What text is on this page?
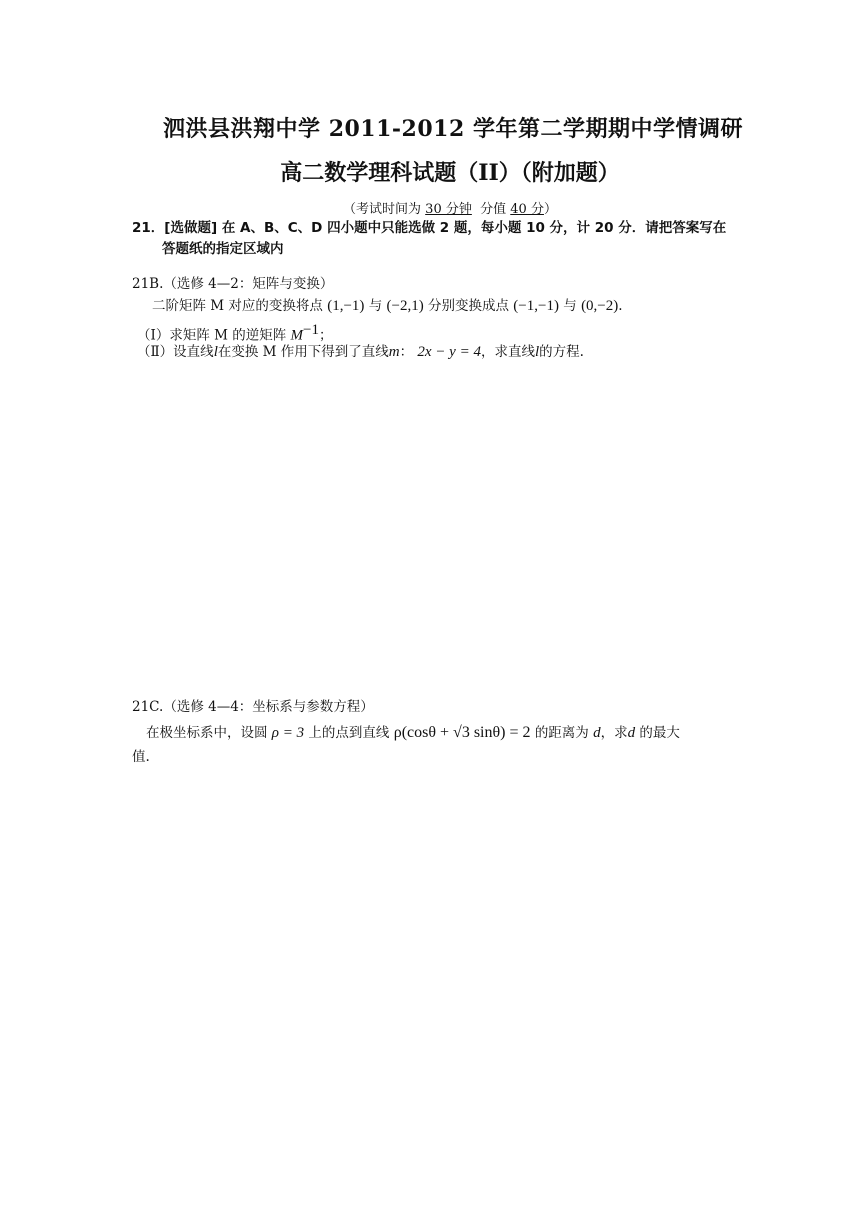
泗洪县洪翔中学 2011-2012 学年第二学期期中学情调研
高二数学理科试题（II）（附加题）
（考试时间为 30 分钟  分值 40 分）
21．[选做题] 在 A、B、C、D 四小题中只能选做 2 题，每小题 10 分，计 20 分．请把答案写在
答题纸的指定区域内
21B.（选修 4—2：矩阵与变换）
二阶矩阵 M 对应的变换将点 (1,−1) 与 (−2,1) 分别变换成点 (−1,−1) 与 (0,−2).
（Ⅰ）求矩阵 M 的逆矩阵 $M^{-1}$；
（Ⅱ）设直线l在变换 M 作用下得到了直线m： 2x − y = 4，求直线l的方程.
21C.（选修 4—4：坐标系与参数方程）
在极坐标系中，设圆 ρ = 3 上的点到直线 ρ(cosθ + √3 sinθ) = 2 的距离为 d，求d 的最大
值.
